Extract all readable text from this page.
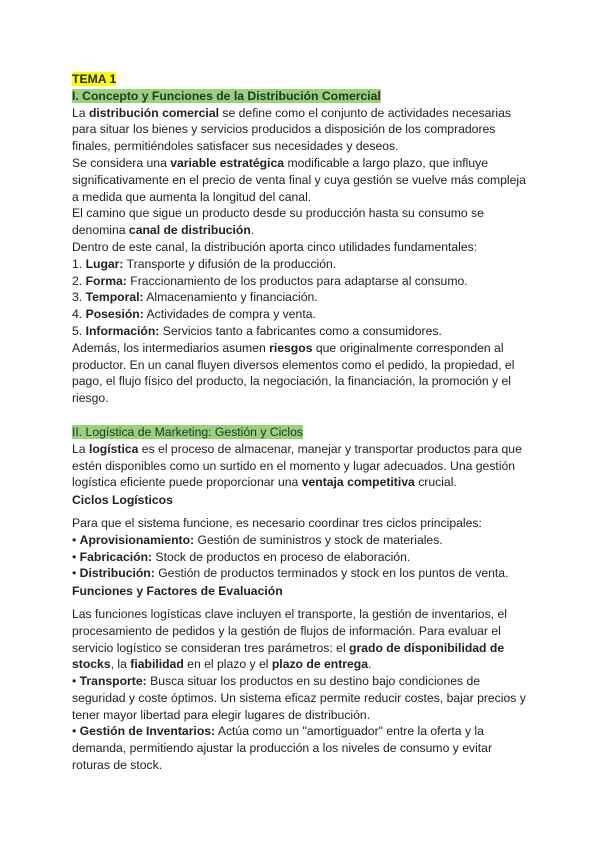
TEMA 1

I. Concepto y Funciones de la Distribución Comercial

La distribución comercial se define como el conjunto de actividades necesarias para situar los bienes y servicios producidos a disposición de los compradores finales, permitiéndoles satisfacer sus necesidades y deseos.

Se considera una variable estratégica modificable a largo plazo, que influye significativamente en el precio de venta final y cuya gestión se vuelve más compleja a medida que aumenta la longitud del canal.

El camino que sigue un producto desde su producción hasta su consumo se denomina canal de distribución.

Dentro de este canal, la distribución aporta cinco utilidades fundamentales:

1. Lugar: Transporte y difusión de la producción.

2. Forma: Fraccionamiento de los productos para adaptarse al consumo.

3. Temporal: Almacenamiento y financiación.

4. Posesión: Actividades de compra y venta.

5. Información: Servicios tanto a fabricantes como a consumidores.

Además, los intermediarios asumen riesgos que originalmente corresponden al productor. En un canal fluyen diversos elementos como el pedido, la propiedad, el pago, el flujo físico del producto, la negociación, la financiación, la promoción y el riesgo.

II. Logística de Marketing: Gestión y Ciclos

La logística es el proceso de almacenar, manejar y transportar productos para que estén disponibles como un surtido en el momento y lugar adecuados. Una gestión logística eficiente puede proporcionar una ventaja competitiva crucial.

Ciclos Logísticos

Para que el sistema funcione, es necesario coordinar tres ciclos principales:

• Aprovisionamiento: Gestión de suministros y stock de materiales.

• Fabricación: Stock de productos en proceso de elaboración.

• Distribución: Gestión de productos terminados y stock en los puntos de venta.

Funciones y Factores de Evaluación

Las funciones logísticas clave incluyen el transporte, la gestión de inventarios, el procesamiento de pedidos y la gestión de flujos de información. Para evaluar el servicio logístico se consideran tres parámetros: el grado de disponibilidad de stocks, la fiabilidad en el plazo y el plazo de entrega.

• Transporte: Busca situar los productos en su destino bajo condiciones de seguridad y coste óptimos. Un sistema eficaz permite reducir costes, bajar precios y tener mayor libertad para elegir lugares de distribución.

• Gestión de Inventarios: Actúa como un "amortiguador" entre la oferta y la demanda, permitiendo ajustar la producción a los niveles de consumo y evitar roturas de stock.
